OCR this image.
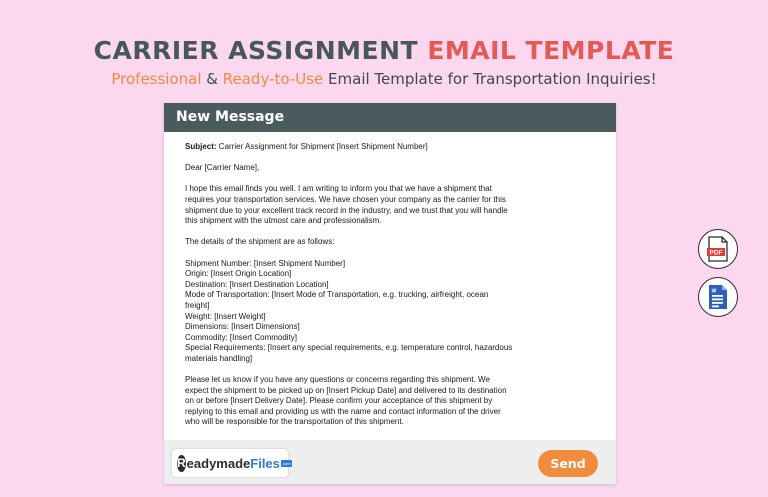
CARRIER ASSIGNMENT EMAIL TEMPLATE
Professional & Ready-to-Use Email Template for Transportation Inquiries!
New Message

Subject: Carrier Assignment for Shipment [Insert Shipment Number]

Dear [Carrier Name],

I hope this email finds you well. I am writing to inform you that we have a shipment that
requires your transportation services. We have chosen your company as the carrier for this
shipment due to your excellent track record in the industry, and we trust that you will handle
this shipment with the utmost care and professionalism.

The details of the shipment are as follows:

Shipment Number: [Insert Shipment Number]
Origin: [Insert Origin Location]
Destination: [Insert Destination Location]
Mode of Transportation: [Insert Mode of Transportation, e.g. trucking, airfreight, ocean
freight]
Weight: [Insert Weight]
Dimensions: [Insert Dimensions]
Commodity: [Insert Commodity]
Special Requirements: [Insert any special requirements, e.g. temperature control, hazardous
materials handling]

Please let us know if you have any questions or concerns regarding this shipment. We
expect the shipment to be picked up on [Insert Pickup Date] and delivered to its destination
on or before [Insert Delivery Date]. Please confirm your acceptance of this shipment by
replying to this email and providing us with the name and contact information of the driver
who will be responsible for the transportation of this shipment.

R eadymadeFiles .com	Send
PDF
W
